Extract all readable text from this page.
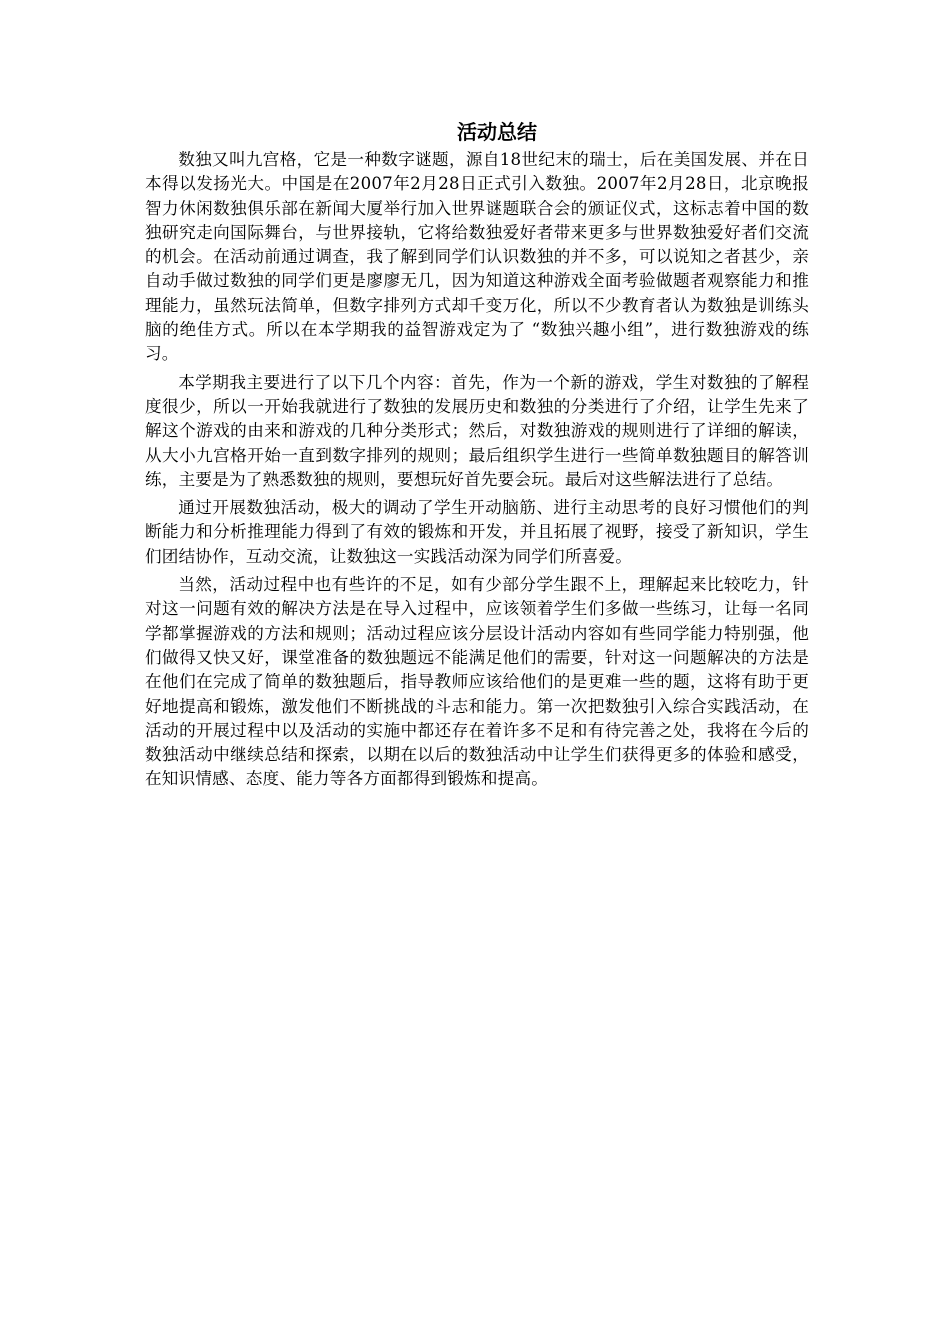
活动总结

数独又叫九宫格，它是一种数字谜题，源自18世纪末的瑞士，后在美国发展、并在日本得以发扬光大。中国是在2007年2月28日正式引入数独。2007年2月28日，北京晚报智力休闲数独俱乐部在新闻大厦举行加入世界谜题联合会的颁证仪式，这标志着中国的数独研究走向国际舞台，与世界接轨，它将给数独爱好者带来更多与世界数独爱好者们交流的机会。在活动前通过调查，我了解到同学们认识数独的并不多，可以说知之者甚少，亲自动手做过数独的同学们更是廖廖无几，因为知道这种游戏全面考验做题者观察能力和推理能力，虽然玩法简单，但数字排列方式却千变万化，所以不少教育者认为数独是训练头脑的绝佳方式。所以在本学期我的益智游戏定为了 “数独兴趣小组”，进行数独游戏的练习。

本学期我主要进行了以下几个内容：首先，作为一个新的游戏，学生对数独的了解程度很少，所以一开始我就进行了数独的发展历史和数独的分类进行了介绍，让学生先来了解这个游戏的由来和游戏的几种分类形式；然后，对数独游戏的规则进行了详细的解读，从大小九宫格开始一直到数字排列的规则；最后组织学生进行一些简单数独题目的解答训练，主要是为了熟悉数独的规则，要想玩好首先要会玩。最后对这些解法进行了总结。

通过开展数独活动，极大的调动了学生开动脑筋、进行主动思考的良好习惯他们的判断能力和分析推理能力得到了有效的锻炼和开发，并且拓展了视野，接受了新知识，学生们团结协作，互动交流，让数独这一实践活动深为同学们所喜爱。

当然，活动过程中也有些许的不足，如有少部分学生跟不上，理解起来比较吃力，针对这一问题有效的解决方法是在导入过程中，应该领着学生们多做一些练习，让每一名同学都掌握游戏的方法和规则；活动过程应该分层设计活动内容如有些同学能力特别强，他们做得又快又好，课堂准备的数独题远不能满足他们的需要，针对这一问题解决的方法是在他们在完成了简单的数独题后，指导教师应该给他们的是更难一些的题，这将有助于更好地提高和锻炼，激发他们不断挑战的斗志和能力。第一次把数独引入综合实践活动，在活动的开展过程中以及活动的实施中都还存在着许多不足和有待完善之处，我将在今后的数独活动中继续总结和探索，以期在以后的数独活动中让学生们获得更多的体验和感受，在知识情感、态度、能力等各方面都得到锻炼和提高。
